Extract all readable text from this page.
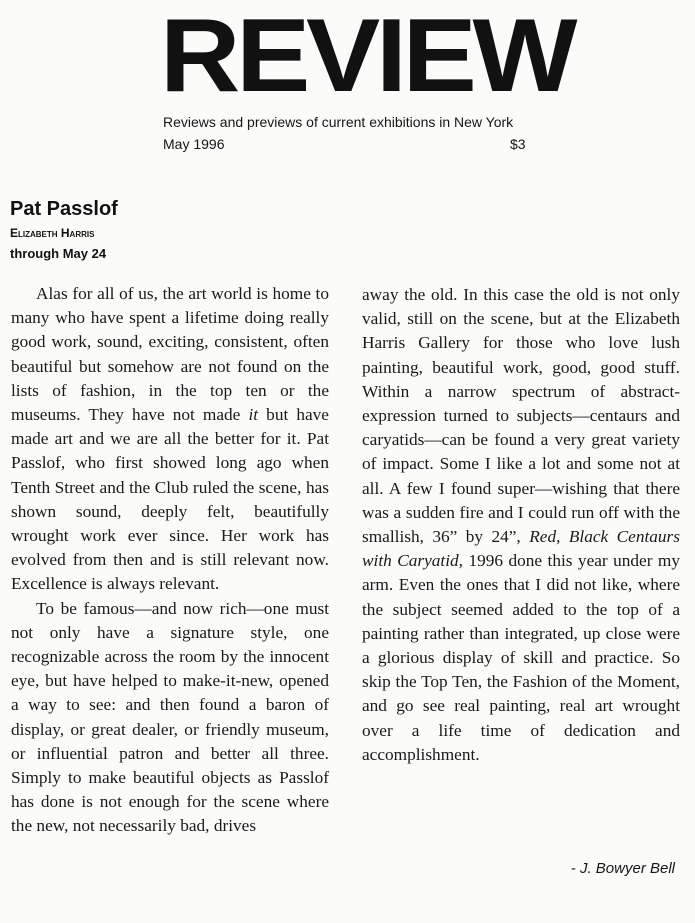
REVIEW
Reviews and previews of current exhibitions in New York
May 1996	$3
Pat Passlof
Elizabeth Harris
through May 24

Alas for all of us, the art world is home to many who have spent a lifetime doing really good work, sound, exciting, consistent, often beautiful but somehow are not found on the lists of fashion, in the top ten or the museums. They have not made it but have made art and we are all the better for it. Pat Passlof, who first showed long ago when Tenth Street and the Club ruled the scene, has shown sound, deeply felt, beautifully wrought work ever since. Her work has evolved from then and is still relevant now. Excellence is always relevant.

To be famous—and now rich—one must not only have a signature style, one recognizable across the room by the innocent eye, but have helped to make-it-new, opened a way to see: and then found a baron of display, or great dealer, or friendly museum, or influential patron and better all three. Simply to make beautiful objects as Passlof has done is not enough for the scene where the new, not necessarily bad, drives

away the old. In this case the old is not only valid, still on the scene, but at the Elizabeth Harris Gallery for those who love lush painting, beautiful work, good, good stuff. Within a narrow spectrum of abstract-expression turned to subjects—centaurs and caryatids—can be found a very great variety of impact. Some I like a lot and some not at all. A few I found super—wishing that there was a sudden fire and I could run off with the smallish, 36” by 24”, Red, Black Centaurs with Caryatid, 1996 done this year under my arm. Even the ones that I did not like, where the subject seemed added to the top of a painting rather than integrated, up close were a glorious display of skill and practice. So skip the Top Ten, the Fashion of the Moment, and go see real painting, real art wrought over a life time of dedication and accomplishment.

- J. Bowyer Bell
